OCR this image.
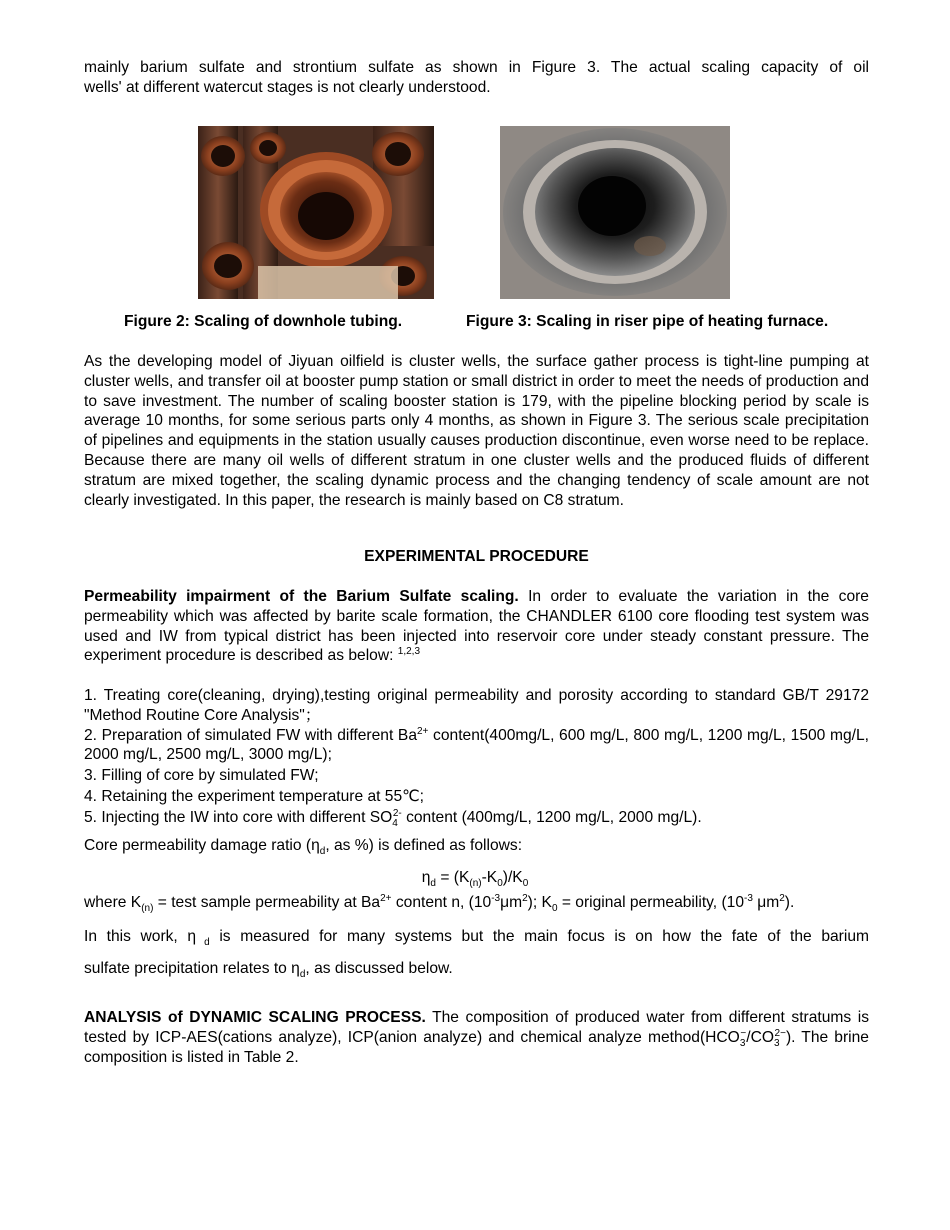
mainly barium sulfate and strontium sulfate as shown in Figure 3. The actual scaling capacity of oil

wells' at different watercut stages is not clearly understood.

Figure 2: Scaling of downhole tubing.	Figure 3: Scaling in riser pipe of heating furnace.

As the developing model of Jiyuan oilfield is cluster wells, the surface gather process is tight-line pumping at cluster wells, and transfer oil at booster pump station or small district in order to meet the needs of production and to save investment. The number of scaling booster station is 179, with the pipeline blocking period by scale is average 10 months, for some serious parts only 4 months, as shown in Figure 3. The serious scale precipitation of pipelines and equipments in the station usually causes production discontinue, even worse need to be replace. Because there are many oil wells of different stratum in one cluster wells and the produced fluids of different stratum are mixed together, the scaling dynamic process and the changing tendency of scale amount are not clearly investigated. In this paper, the research is mainly based on C8 stratum.

EXPERIMENTAL PROCEDURE

Permeability impairment of the Barium Sulfate scaling. In order to evaluate the variation in the core permeability which was affected by barite scale formation, the CHANDLER 6100 core flooding test system was used and IW from typical district has been injected into reservoir core under steady constant pressure. The experiment procedure is described as below: $^{1,2,3}$

1. Treating core(cleaning, drying),testing original permeability and porosity according to standard GB/T 29172 "Method Routine Core Analysis"；

2. Preparation of simulated FW with different $Ba^{2+}$ content(400mg/L, 600 mg/L, 800 mg/L, 1200 mg/L, 1500 mg/L, 2000 mg/L, 2500 mg/L, 3000 mg/L);

3. Filling of core by simulated FW;

4. Retaining the experiment temperature at 55℃;

5. Injecting the IW into core with different $SO_4^{2-}$ content (400mg/L, 1200 mg/L, 2000 mg/L).

Core permeability damage ratio ($\eta_d$, as %) is defined as follows:

$\eta_d = (K_{(n)}-K_0)/K_0$

where $K_{(n)}$ = test sample permeability at $Ba^{2+}$ content n, $(10^{-3}\mu m^2)$; $K_0$ = original permeability, ($10^{-3}$ $\mu m^2$).

In this work, η $_d$ is measured for many systems but the main focus is on how the fate of the barium

sulfate precipitation relates to $\eta_d$, as discussed below.

ANALYSIS of DYNAMIC SCALING PROCESS. The composition of produced water from different stratums is tested by ICP-AES(cations analyze), ICP(anion analyze) and chemical analyze $method(HCO_3^-/CO_3^{2-})$. The brine composition is listed in Table 2.
